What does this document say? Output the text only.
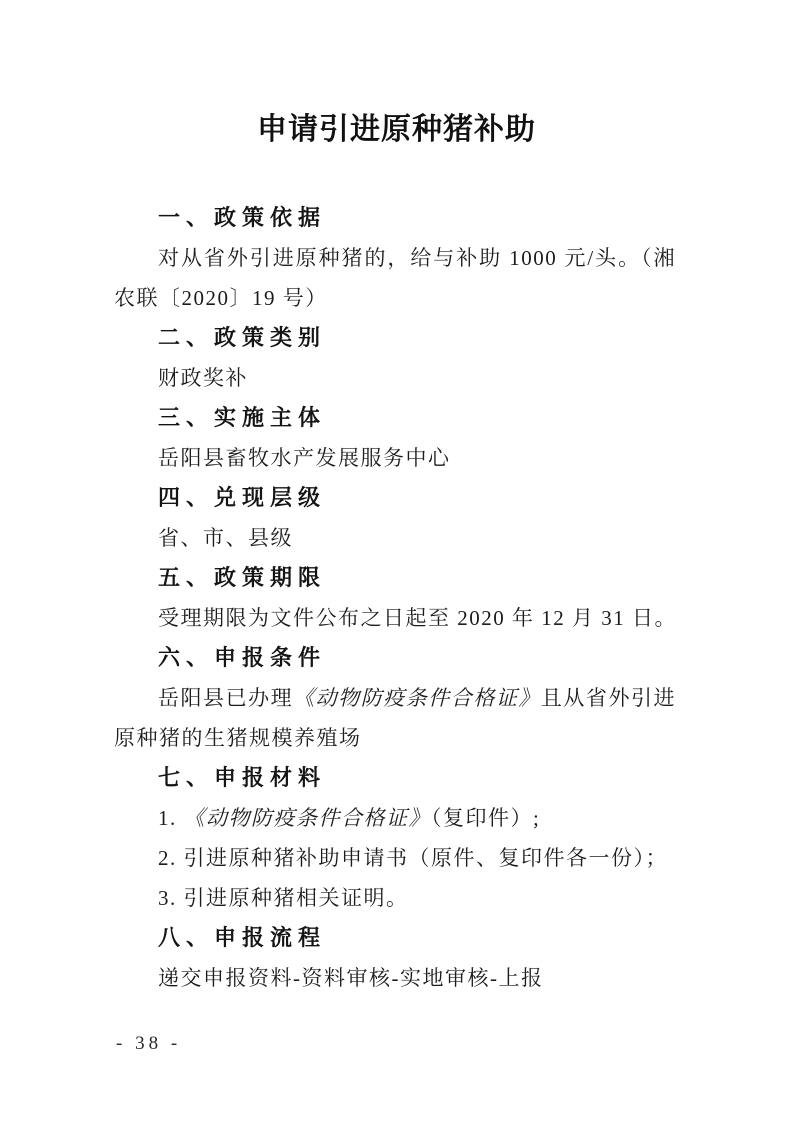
申请引进原种猪补助
一、政策依据
对从省外引进原种猪的，给与补助 1000 元/头。（湘农联〔2020〕19 号）
二、政策类别
财政奖补
三、实施主体
岳阳县畜牧水产发展服务中心
四、兑现层级
省、市、县级
五、政策期限
受理期限为文件公布之日起至 2020 年 12 月 31 日。
六、申报条件
岳阳县已办理《动物防疫条件合格证》且从省外引进原种猪的生猪规模养殖场
七、申报材料
1. 《动物防疫条件合格证》（复印件）;
2. 引进原种猪补助申请书（原件、复印件各一份）；
3. 引进原种猪相关证明。
八、申报流程
递交申报资料-资料审核-实地审核-上报
- 38 -
